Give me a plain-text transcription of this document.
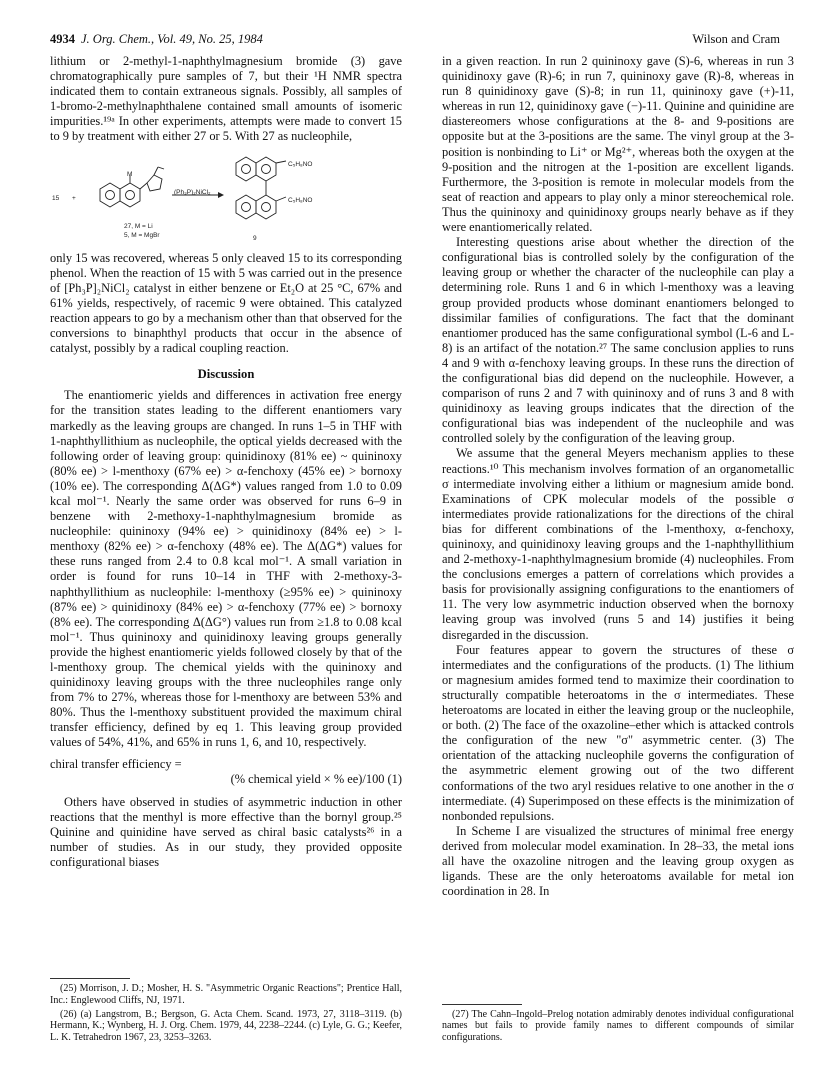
4934 J. Org. Chem., Vol. 49, No. 25, 1984	Wilson and Cram

lithium or 2-methyl-1-naphthylmagnesium bromide (3) gave chromatographically pure samples of 7, but their ¹H NMR spectra indicated them to contain extraneous signals. Possibly, all samples of 1-bromo-2-methylnaphthalene contained small amounts of isomeric impurities.¹⁹ᵃ In other experiments, attempts were made to convert 15 to 9 by treatment with either 27 or 5. With 27 as nucleophile,

15 +
M
(Ph₃P)₂NiCl₂
C₅H₈NO
C₅H₈NO
27, M = Li
5, M = MgBr	9

only 15 was recovered, whereas 5 only cleaved 15 to its corresponding phenol. When the reaction of 15 with 5 was carried out in the presence of [Ph₃P]₂NiCl₂ catalyst in either benzene or Et₂O at 25 °C, 67% and 61% yields, respectively, of racemic 9 were obtained. This catalyzed reaction appears to go by a mechanism other than that observed for the conversions to binaphthyl products that occur in the absence of catalyst, possibly by a radical coupling reaction.

Discussion

The enantiomeric yields and differences in activation free energy for the transition states leading to the different enantiomers vary markedly as the leaving groups are changed. In runs 1–5 in THF with 1-naphthyllithium as nucleophile, the optical yields decreased with the following order of leaving group: quinidinoxy (81% ee) ~ quininoxy (80% ee) > l-menthoxy (67% ee) > α-fenchoxy (45% ee) > bornoxy (10% ee). The corresponding Δ(ΔG*) values ranged from 1.0 to 0.09 kcal mol⁻¹. Nearly the same order was observed for runs 6–9 in benzene with 2-methoxy-1-naphthylmagnesium bromide as nucleophile: quininoxy (94% ee) > quinidinoxy (84% ee) > l-menthoxy (82% ee) > α-fenchoxy (48% ee). The Δ(ΔG*) values for these runs ranged from 2.4 to 0.8 kcal mol⁻¹. A small variation in order is found for runs 10–14 in THF with 2-methoxy-3-naphthyllithium as nucleophile: l-menthoxy (≥95% ee) > quininoxy (87% ee) > quinidinoxy (84% ee) > α-fenchoxy (77% ee) > bornoxy (8% ee). The corresponding Δ(ΔG°) values run from ≥1.8 to 0.08 kcal mol⁻¹. Thus quininoxy and quinidinoxy leaving groups generally provide the highest enantiomeric yields followed closely by that of the l-menthoxy group. The chemical yields with the quininoxy and quinidinoxy leaving groups with the three nucleophiles range only from 7% to 27%, whereas those for l-menthoxy are between 53% and 80%. Thus the l-menthoxy substituent provided the maximum chiral transfer efficiency, defined by eq 1. This leaving group provided values of 54%, 41%, and 65% in runs 1, 6, and 10, respectively.

chiral transfer efficiency =
(% chemical yield × % ee)/100 (1)

Others have observed in studies of asymmetric induction in other reactions that the menthyl is more effective than the bornyl group.²⁵ Quinine and quinidine have served as chiral basic catalysts²⁶ in a number of studies. As in our study, they provided opposite configurational biases

(25) Morrison, J. D.; Mosher, H. S. "Asymmetric Organic Reactions"; Prentice Hall, Inc.: Englewood Cliffs, NJ, 1971.

(26) (a) Langstrom, B.; Bergson, G. Acta Chem. Scand. 1973, 27, 3118–3119. (b) Hermann, K.; Wynberg, H. J. Org. Chem. 1979, 44, 2238–2244. (c) Lyle, G. G.; Keefer, L. K. Tetrahedron 1967, 23, 3253–3263.

in a given reaction. In run 2 quininoxy gave (S)-6, whereas in run 3 quinidinoxy gave (R)-6; in run 7, quininoxy gave (R)-8, whereas in run 8 quinidinoxy gave (S)-8; in run 11, quininoxy gave (+)-11, whereas in run 12, quinidinoxy gave (−)-11. Quinine and quinidine are diastereomers whose configurations at the 8- and 9-positions are opposite but at the 3-positions are the same. The vinyl group at the 3-position is nonbinding to Li⁺ or Mg²⁺, whereas both the oxygen at the 9-position and the nitrogen at the 1-position are excellent ligands. Furthermore, the 3-position is remote in molecular models from the seat of reaction and appears to play only a minor stereochemical role. Thus the quininoxy and quinidinoxy groups nearly behave as if they were enantiomerically related.

Interesting questions arise about whether the direction of the configurational bias is controlled solely by the configuration of the leaving group or whether the character of the nucleophile can play a determining role. Runs 1 and 6 in which l-menthoxy was a leaving group provided products whose dominant enantiomers belonged to dissimilar families of configurations. The fact that the dominant enantiomer produced has the same configurational symbol (L-6 and L-8) is an artifact of the notation.²⁷ The same conclusion applies to runs 4 and 9 with α-fenchoxy leaving groups. In these runs the direction of the configurational bias did depend on the nucleophile. However, a comparison of runs 2 and 7 with quininoxy and of runs 3 and 8 with quinidinoxy as leaving groups indicates that the direction of the configurational bias was independent of the nucleophile and was controlled solely by the configuration of the leaving group.

We assume that the general Meyers mechanism applies to these reactions.¹⁰ This mechanism involves formation of an organometallic σ intermediate involving either a lithium or magnesium amide bond. Examinations of CPK molecular models of the possible σ intermediates provide rationalizations for the directions of the chiral bias for different combinations of the l-menthoxy, α-fenchoxy, quininoxy, and quinidinoxy leaving groups and the 1-naphthyllithium and 2-methoxy-1-naphthylmagnesium bromide (4) nucleophiles. From the conclusions emerges a pattern of correlations which provides a basis for provisionally assigning configurations to the enantiomers of 11. The very low asymmetric induction observed when the bornoxy leaving group was involved (runs 5 and 14) justifies it being disregarded in the discussion.

Four features appear to govern the structures of these σ intermediates and the configurations of the products. (1) The lithium or magnesium amides formed tend to maximize their coordination to structurally compatible heteroatoms in the σ intermediates. These heteroatoms are located in either the leaving group or the nucleophile, or both. (2) The face of the oxazoline–ether which is attacked controls the configuration of the new "σ" asymmetric center. (3) The orientation of the attacking nucleophile governs the configuration of the asymmetric element growing out of the two different conformations of the two aryl residues relative to one another in the σ intermediate. (4) Superimposed on these effects is the minimization of nonbonded repulsions.

In Scheme I are visualized the structures of minimal free energy derived from molecular model examination. In 28–33, the metal ions all have the oxazoline nitrogen and the leaving group oxygen as ligands. These are the only heteroatoms available for metal ion coordination in 28. In

(27) The Cahn–Ingold–Prelog notation admirably denotes individual configurational names but fails to provide family names to different compounds of similar configurations.
